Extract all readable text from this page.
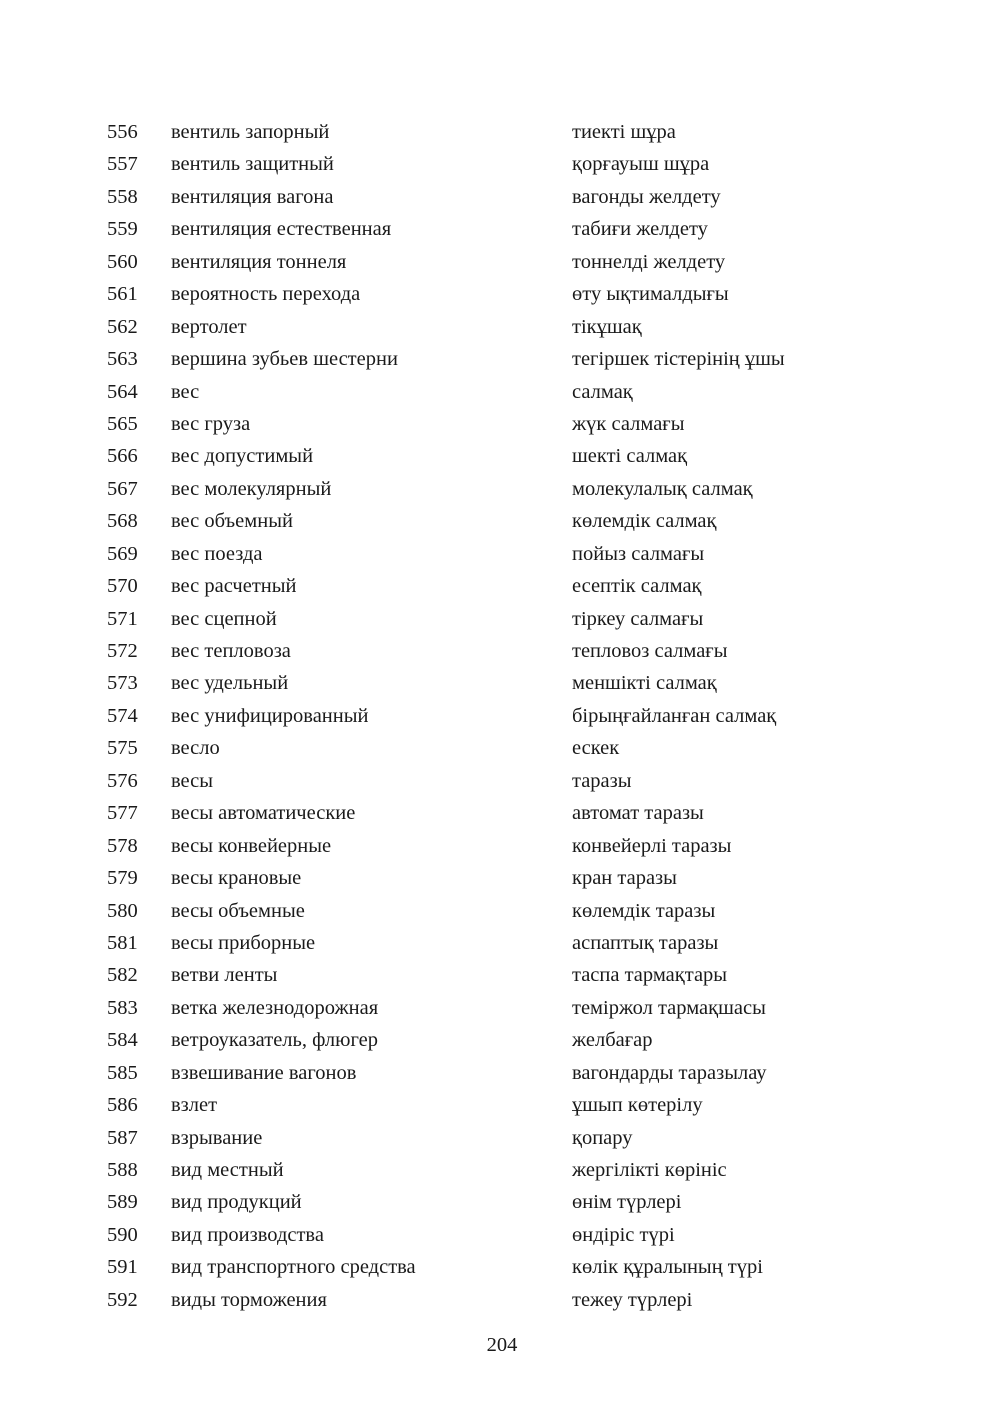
556 вентиль запорный	тиекті шұра
557 вентиль защитный	қорғауыш шұра
558 вентиляция вагона	вагонды желдету
559 вентиляция естественная	табиғи желдету
560 вентиляция тоннеля	тоннелді желдету
561 вероятность перехода	өту ықтималдығы
562 вертолет	тікұшақ
563 вершина зубьев шестерни	тегіршек тістерінің ұшы
564 вес	салмақ
565 вес груза	жүк салмағы
566 вес допустимый	шекті салмақ
567 вес молекулярный	молекулалық салмақ
568 вес объемный	көлемдік салмақ
569 вес поезда	пойыз салмағы
570 вес расчетный	есептік салмақ
571 вес сцепной	тіркеу салмағы
572 вес тепловоза	тепловоз салмағы
573 вес удельный	меншікті салмақ
574 вес унифицированный	бірыңғайланған салмақ
575 весло	ескек
576 весы	таразы
577 весы автоматические	автомат таразы
578 весы конвейерные	конвейерлі таразы
579 весы крановые	кран таразы
580 весы объемные	көлемдік таразы
581 весы приборные	аспаптық таразы
582 ветви ленты	таспа тармақтары
583 ветка железнодорожная	теміржол тармақшасы
584 ветроуказатель, флюгер	желбағар
585 взвешивание вагонов	вагондарды таразылау
586 взлет	ұшып көтерілу
587 взрывание	қопару
588 вид местный	жергілікті көрініс
589 вид продукций	өнім түрлері
590 вид производства	өндіріс түрі
591 вид транспортного средства	көлік құралының түрі
592 виды торможения	тежеу түрлері
204
